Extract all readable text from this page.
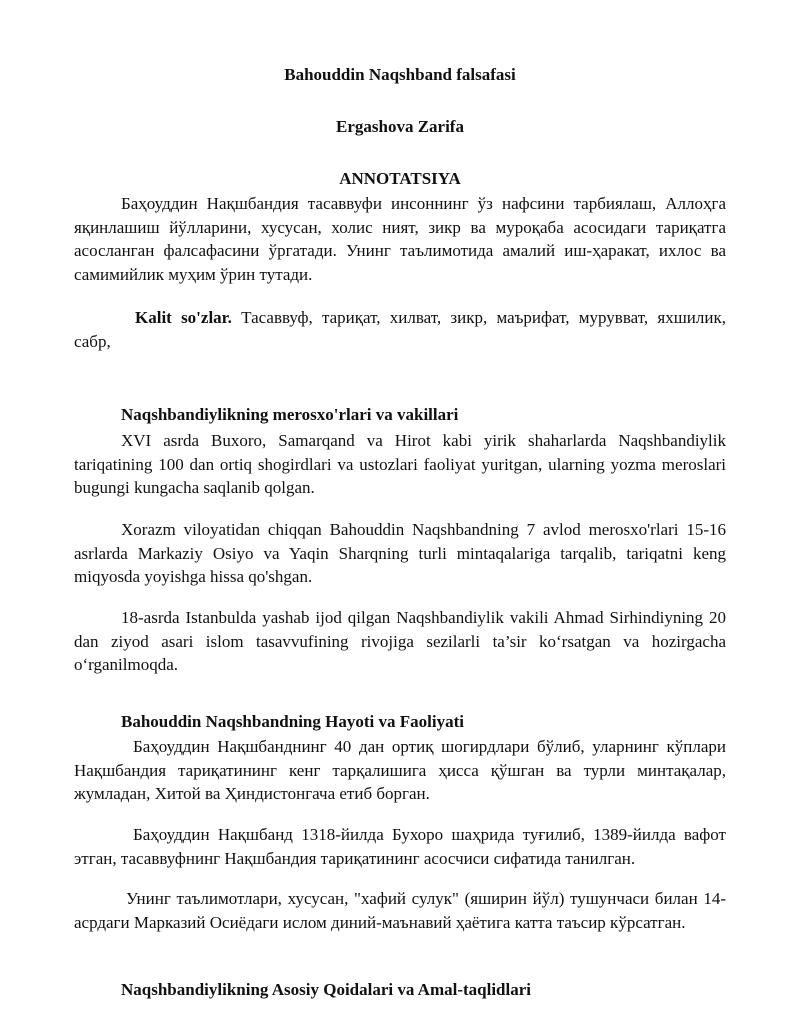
Bahouddin Naqshband falsafasi
Ergashova Zarifa
ANNOTATSIYA
Баҳоуддин Нақшбандия тасаввуфи инсоннинг ўз нафсини тарбиялаш, Аллоҳга яқинлашиш йўлларини, хусусан, холис ният, зикр ва муроқаба асосидаги тариқатга асосланган фалсафасини ўргатади. Унинг таълимотида амалий иш-ҳаракат, ихлос ва самимийлик муҳим ўрин тутади.
Kalit so'zlar. Тасаввуф, тариқат, хилват, зикр, маърифат, мурувват, яхшилик, сабр,
Naqshbandiylikning merosxo'rlari va vakillari
XVI asrda Buxoro, Samarqand va Hirot kabi yirik shaharlarda Naqshbandiylik tariqatining 100 dan ortiq shogirdlari va ustozlari faoliyat yuritgan, ularning yozma meroslari bugungi kungacha saqlanib qolgan.
Xorazm viloyatidan chiqqan Bahouddin Naqshbandning 7 avlod merosxo'rlari 15-16 asrlarda Markaziy Osiyo va Yaqin Sharqning turli mintaqalariga tarqalib, tariqatni keng miqyosda yoyishga hissa qo'shgan.
18-asrda Istanbulda yashab ijod qilgan Naqshbandiylik vakili Ahmad Sirhindiyning 20 dan ziyod asari islom tasavvufining rivojiga sezilarli ta’sir ko‘rsatgan va hozirgacha o‘rganilmoqda.
Bahouddin Naqshbandning Hayoti va Faoliyati
Баҳоуддин Нақшбанднинг 40 дан ортиқ шогирдлари бўлиб, уларнинг кўплари Нақшбандия тариқатининг кенг тарқалишига ҳисса қўшган ва турли минтақалар, жумладан, Хитой ва Ҳиндистонгача етиб борган.
Баҳоуддин Нақшбанд 1318-йилда Бухоро шаҳрида туғилиб, 1389-йилда вафот этган, тасаввуфнинг Нақшбандия тариқатининг асосчиси сифатида танилган.
Унинг таълимотлари, хусусан, "хафий сулук" (яширин йўл) тушунчаси билан 14-асрдаги Марказий Осиёдаги ислом диний-маънавий ҳаётига катта таъсир кўрсатган.
Naqshbandiylikning Asosiy Qoidalari va Amal-taqlidlari
